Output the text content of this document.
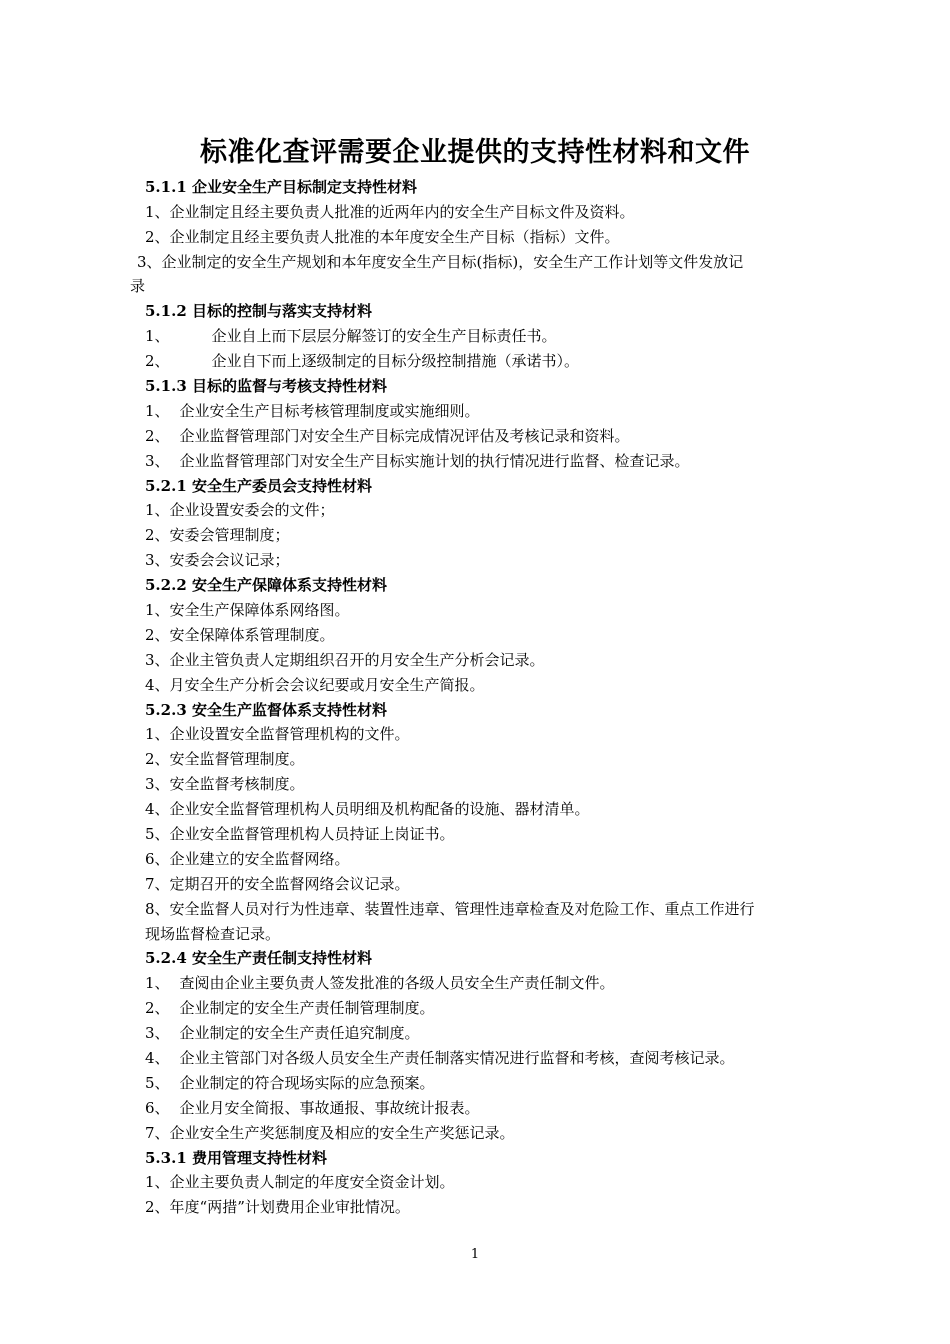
标准化查评需要企业提供的支持性材料和文件
5.1.1 企业安全生产目标制定支持性材料
1、企业制定且经主要负责人批准的近两年内的安全生产目标文件及资料。
2、企业制定且经主要负责人批准的本年度安全生产目标（指标）文件。
3、企业制定的安全生产规划和本年度安全生产目标(指标)，安全生产工作计划等文件发放记
录
5.1.2 目标的控制与落实支持材料
1、	企业自上而下层层分解签订的安全生产目标责任书。
2、	企业自下而上逐级制定的目标分级控制措施（承诺书）。
5.1.3 目标的监督与考核支持性材料
1、 企业安全生产目标考核管理制度或实施细则。
2、 企业监督管理部门对安全生产目标完成情况评估及考核记录和资料。
3、 企业监督管理部门对安全生产目标实施计划的执行情况进行监督、检查记录。
5.2.1 安全生产委员会支持性材料
1、企业设置安委会的文件；
2、安委会管理制度；
3、安委会会议记录；
5.2.2 安全生产保障体系支持性材料
1、安全生产保障体系网络图。
2、安全保障体系管理制度。
3、企业主管负责人定期组织召开的月安全生产分析会记录。
4、月安全生产分析会会议纪要或月安全生产简报。
5.2.3 安全生产监督体系支持性材料
1、企业设置安全监督管理机构的文件。
2、安全监督管理制度。
3、安全监督考核制度。
4、企业安全监督管理机构人员明细及机构配备的设施、器材清单。
5、企业安全监督管理机构人员持证上岗证书。
6、企业建立的安全监督网络。
7、定期召开的安全监督网络会议记录。
8、安全监督人员对行为性违章、装置性违章、管理性违章检查及对危险工作、重点工作进行
现场监督检查记录。
5.2.4 安全生产责任制支持性材料
1、 查阅由企业主要负责人签发批准的各级人员安全生产责任制文件。
2、 企业制定的安全生产责任制管理制度。
3、 企业制定的安全生产责任追究制度。
4、 企业主管部门对各级人员安全生产责任制落实情况进行监督和考核，查阅考核记录。
5、 企业制定的符合现场实际的应急预案。
6、 企业月安全简报、事故通报、事故统计报表。
7、企业安全生产奖惩制度及相应的安全生产奖惩记录。
5.3.1 费用管理支持性材料
1、企业主要负责人制定的年度安全资金计划。
2、年度“两措”计划费用企业审批情况。
1
